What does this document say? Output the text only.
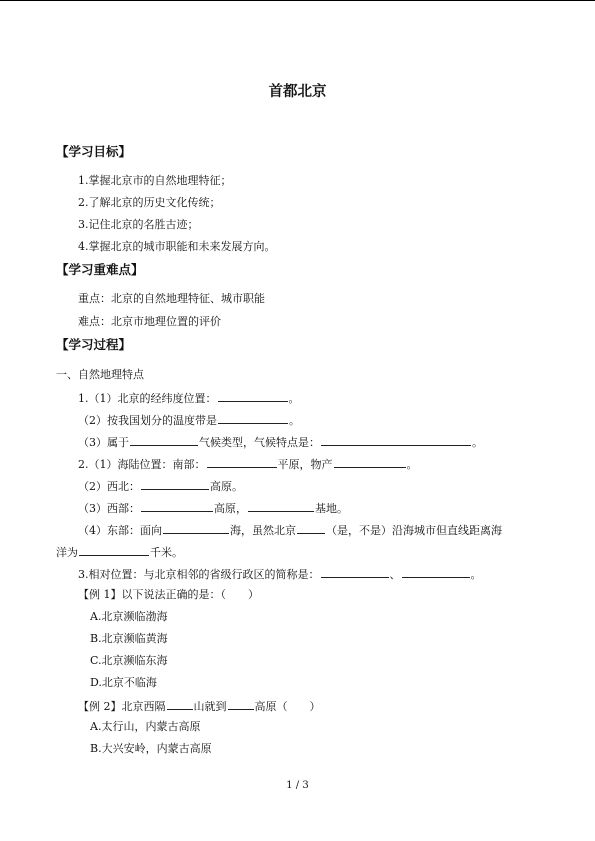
首都北京
【学习目标】
1.掌握北京市的自然地理特征；
2.了解北京的历史文化传统；
3.记住北京的名胜古迹；
4.掌握北京的城市职能和未来发展方向。
【学习重难点】
重点：北京的自然地理特征、城市职能
难点：北京市地理位置的评价
【学习过程】
一、自然地理特点
1.（1）北京的经纬度位置：	。
（2）按我国划分的温度带是	。
（3）属于	气候类型，气候特点是：	。
2.（1）海陆位置：南部：	平原，物产	。
（2）西北：	高原。
（3）西部：	高原，	基地。
（4）东部：面向	海，虽然北京	（是，不是）沿海城市但直线距离海
洋为	千米。
3.相对位置：与北京相邻的省级行政区的简称是：	、	。
【例 1】以下说法正确的是：（　　）
A.北京濒临渤海
B.北京濒临黄海
C.北京濒临东海
D.北京不临海
【例 2】北京西隔	山就到	高原（　　）
A.太行山，内蒙古高原
B.大兴安岭，内蒙古高原
1 / 3
